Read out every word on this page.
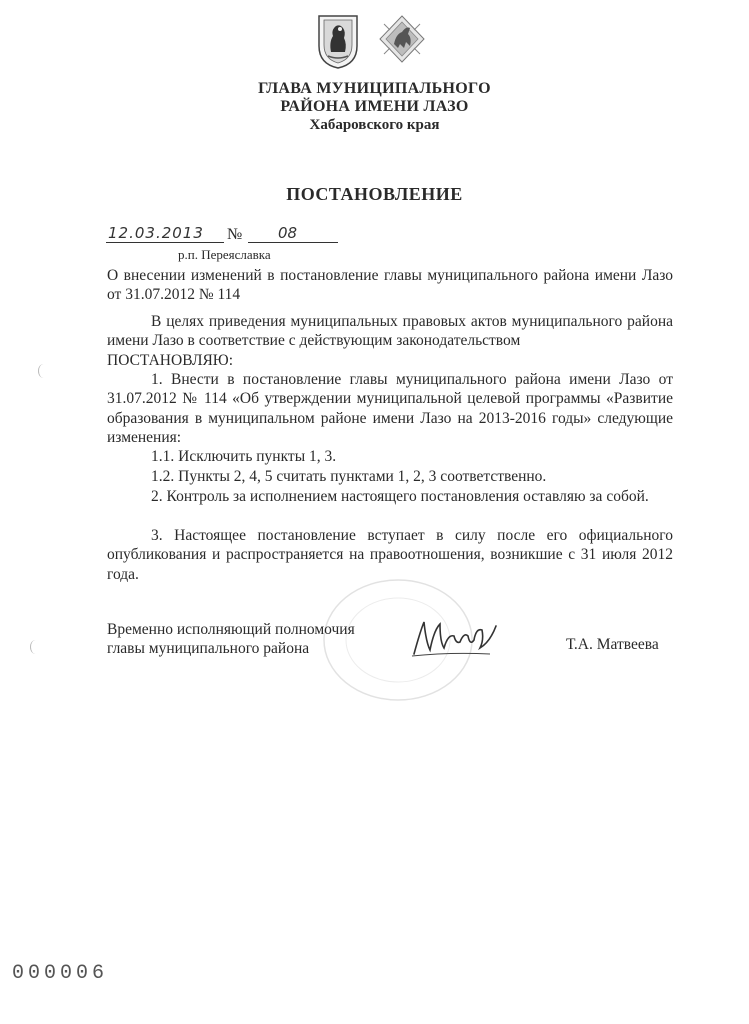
ГЛАВА МУНИЦИПАЛЬНОГО
РАЙОНА ИМЕНИ ЛАЗО
Хабаровского края
ПОСТАНОВЛЕНИЕ
12.03.2013 № 08
р.п. Переяславка
О внесении изменений в постановление главы муниципального района имени Лазо от 31.07.2012 № 114
В целях приведения муниципальных правовых актов муниципального района имени Лазо в соответствие с действующим законодательством
ПОСТАНОВЛЯЮ:
1. Внести в постановление главы муниципального района имени Лазо от 31.07.2012 № 114 «Об утверждении муниципальной целевой программы «Развитие образования в муниципальном районе имени Лазо на 2013-2016 годы» следующие изменения:
1.1. Исключить пункты 1, 3.
1.2. Пункты 2, 4, 5 считать пунктами 1, 2, 3 соответственно.
2. Контроль за исполнением настоящего постановления оставляю за собой.
3. Настоящее постановление вступает в силу после его официального опубликования и распространяется на правоотношения, возникшие с 31 июля 2012 года.
Временно исполняющий полномочия
главы муниципального района	Т.А. Матвеева
000006
